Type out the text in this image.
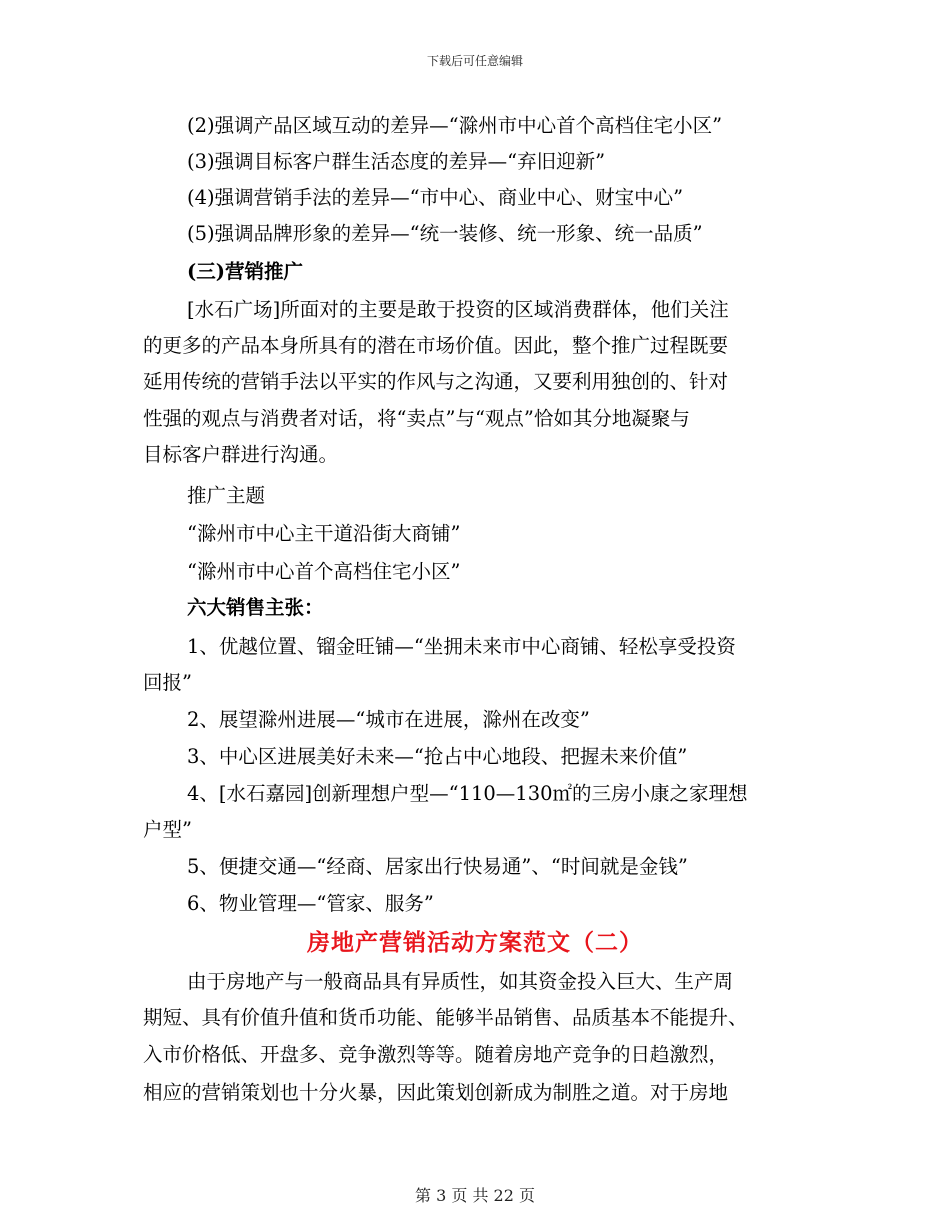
下载后可任意编辑
(2)强调产品区域互动的差异—“滁州市中心首个高档住宅小区”
(3)强调目标客户群生活态度的差异—“弃旧迎新”
(4)强调营销手法的差异—“市中心、商业中心、财宝中心”
(5)强调品牌形象的差异—“统一装修、统一形象、统一品质”
(三)营销推广
[水石广场]所面对的主要是敢于投资的区域消费群体，他们关注
的更多的产品本身所具有的潜在市场价值。因此，整个推广过程既要
延用传统的营销手法以平实的作风与之沟通，又要利用独创的、针对
性强的观点与消费者对话，将“卖点”与“观点”恰如其分地凝聚与
目标客户群进行沟通。
推广主题
“滁州市中心主干道沿街大商铺”
“滁州市中心首个高档住宅小区”
六大销售主张：
1、优越位置、镏金旺铺—“坐拥未来市中心商铺、轻松享受投资
回报”
2、展望滁州进展—“城市在进展，滁州在改变”
3、中心区进展美好未来—“抢占中心地段、把握未来价值”
4、[水石嘉园]创新理想户型—“110—130㎡的三房小康之家理想
户型”
5、便捷交通—“经商、居家出行快易通”、“时间就是金钱”
6、物业管理—“管家、服务”
房地产营销活动方案范文（二）
由于房地产与一般商品具有异质性，如其资金投入巨大、生产周
期短、具有价值升值和货币功能、能够半品销售、品质基本不能提升、
入市价格低、开盘多、竞争激烈等等。随着房地产竞争的日趋激烈，
相应的营销策划也十分火暴，因此策划创新成为制胜之道。对于房地
第 3 页 共 22 页
